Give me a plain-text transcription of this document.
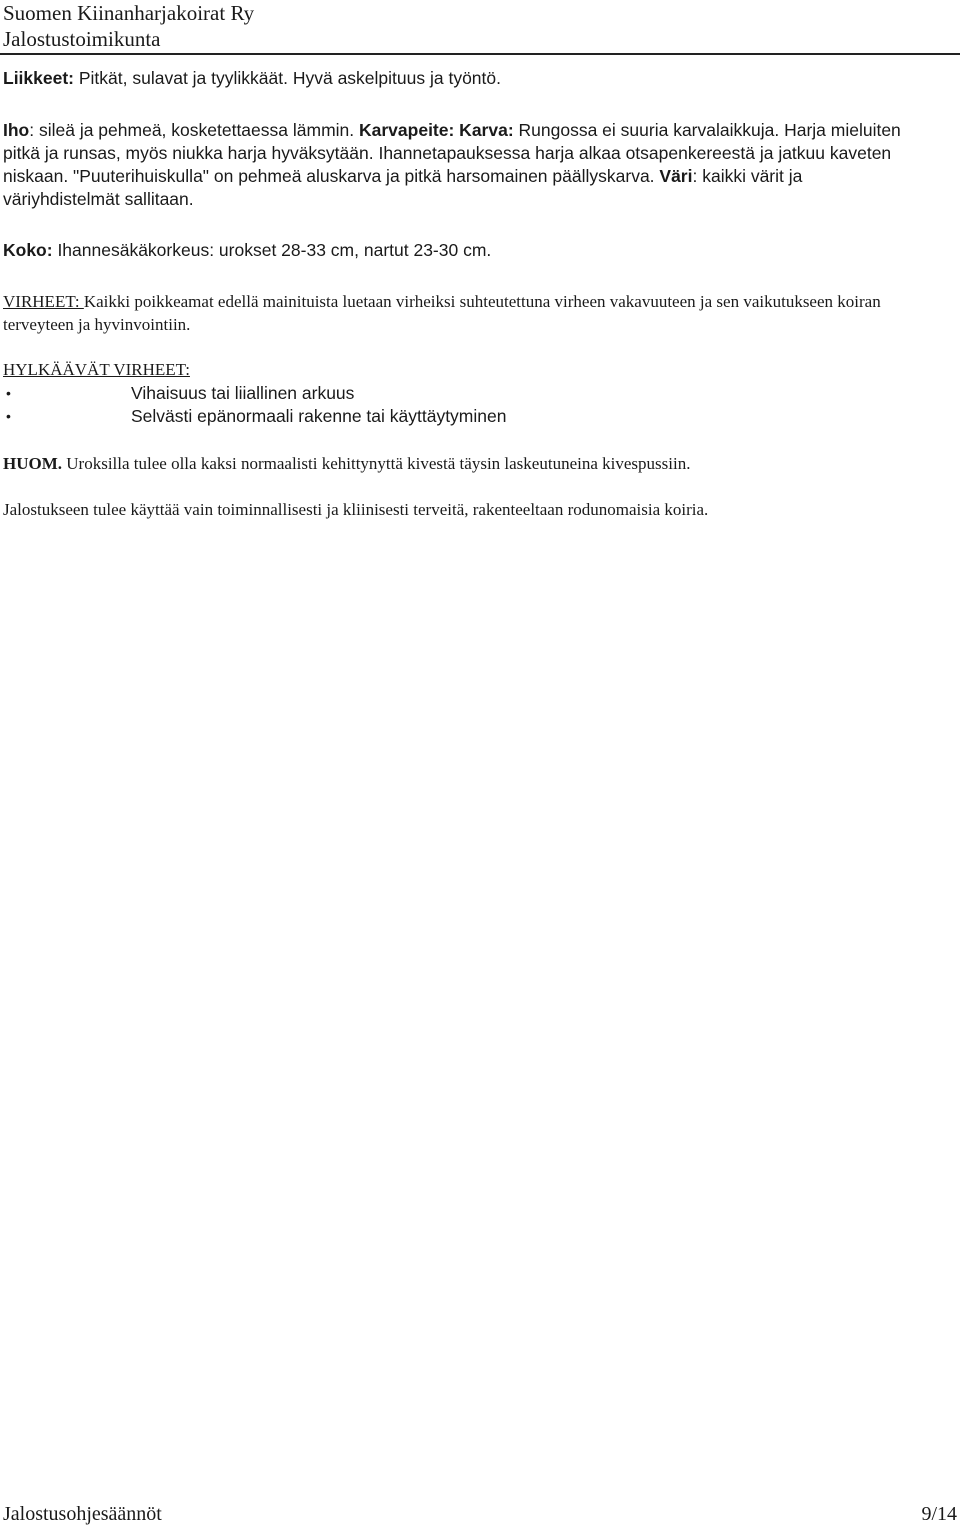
Suomen Kiinanharjakoirat Ry
Jalostustoimikunta
Liikkeet: Pitkät, sulavat ja tyylikkäät. Hyvä askelpituus ja työntö.
Iho: sileä ja pehmeä, kosketettaessa lämmin. Karvapeite: Karva: Rungossa ei suuria karvalaikkuja. Harja mieluiten pitkä ja runsas, myös niukka harja hyväksytään. Ihannetapauksessa harja alkaa otsapenkereestä ja jatkuu kaveten niskaan. "Puuterihuiskulla" on pehmeä aluskarva ja pitkä harsomainen päällyskarva. Väri: kaikki värit ja väriyhdistelmät sallitaan.
Koko: Ihannesäkäkorkeus: urokset 28-33 cm, nartut 23-30 cm.
VIRHEET: Kaikki poikkeamat edellä mainituista luetaan virheiksi suhteutettuna virheen vakavuuteen ja sen vaikutukseen koiran terveyteen ja hyvinvointiin.
HYLKÄÄVÄT VIRHEET:
•	Vihaisuus tai liiallinen arkuus
•	Selvästi epänormaali rakenne tai käyttäytyminen
HUOM. Uroksilla tulee olla kaksi normaalisti kehittynyttä kivestä täysin laskeutuneina kivespussiin.
Jalostukseen tulee käyttää vain toiminnallisesti ja kliinisesti terveitä, rakenteeltaan rodunomaisia koiria.
Jalostusohjesäännöt	9/14
